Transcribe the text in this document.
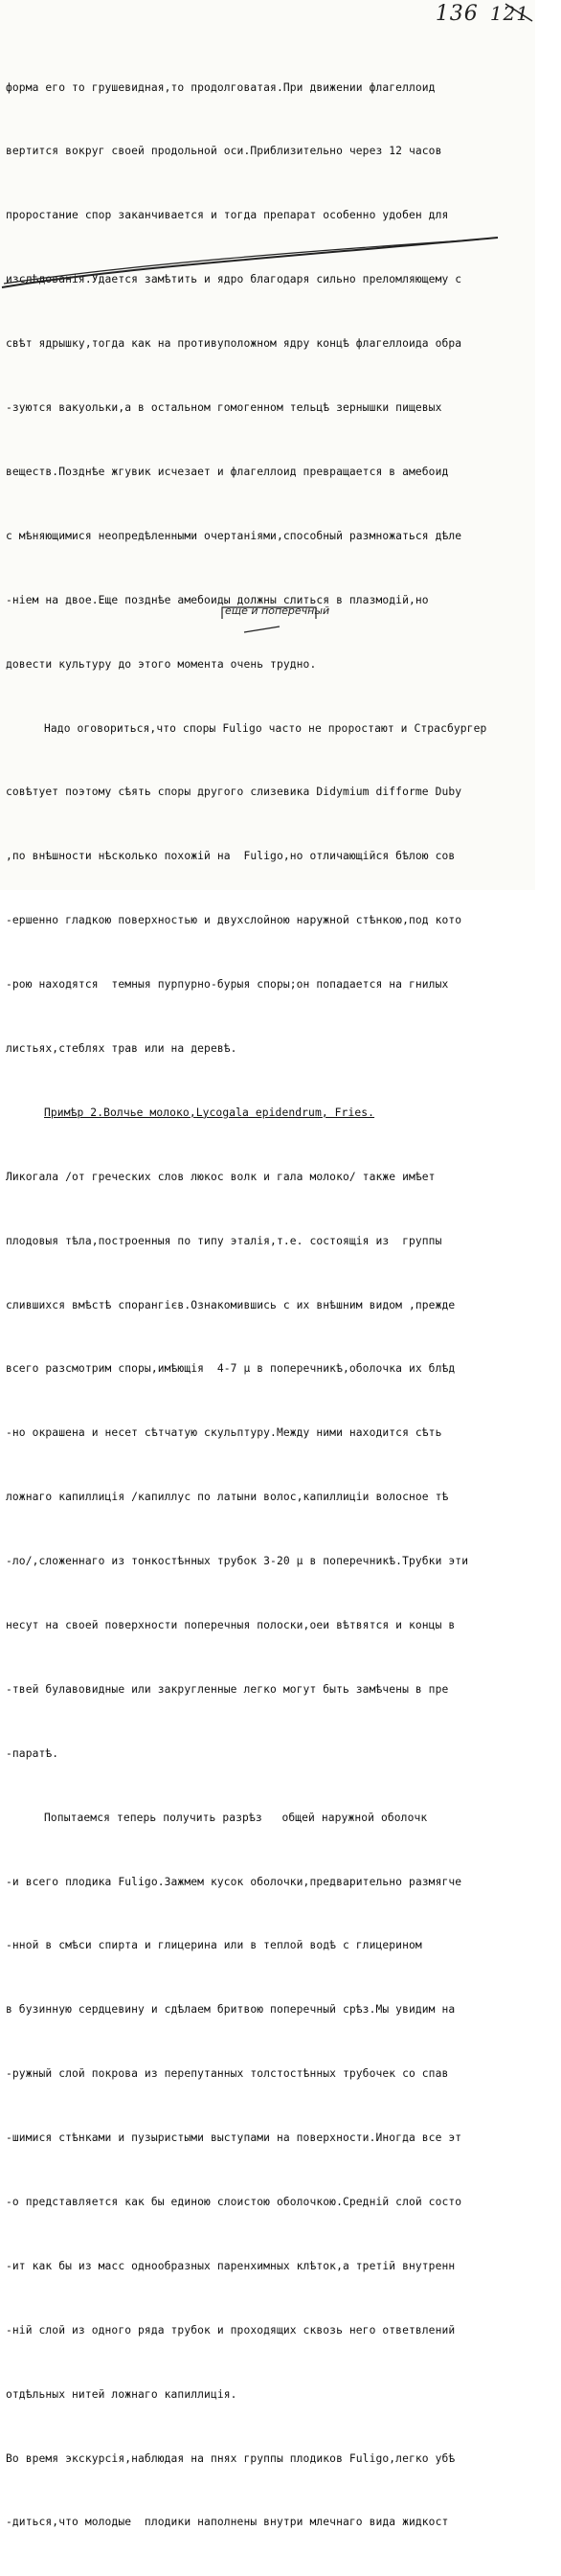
136 121

форма его то грушевидная,то продолговатая.При движении флагеллоид

вертится вокруг своей продольной оси.Приблизительно через 12 часов

проростание спор заканчивается и тогда препарат особенно удобен для

изслѣдованія.Удается замѣтить и ядро благодаря сильно преломляющему с

свѣт ядрышку,тогда как на противуположном ядру концѣ флагеллоида обра

-зуются вакуольки,а в остальном гомогенном тельцѣ зернышки пищевых

веществ.Позднѣе жгувик исчезает и флагеллоид превращается в амебоид

с мѣняющимися неопредѣленными очертаніями,способный размножаться дѣле

-ніем на двое.Еще позднѣе амебоиды должны слиться в плазмодій,но

довести культуру до этого момента очень трудно.

Надо оговориться,что споры Fuligo часто не проростают и Страсбургер

совѣтует поэтому сѣять споры другого слизевика Didymium difforme Duby

,по внѣшности нѣсколько похожій на  Fuligo,но отличающійся бѣлою сов

-ершенно гладкою поверхностью и двухслойною наружной стѣнкою,под кото

-рою находятся  темныя пурпурно-бурыя споры;он попадается на гнилых

листьях,стеблях трав или на деревѣ.

Примѣр 2.Волчье молоко,Lycogala epidendrum, Fries.

Ликогала /от греческих слов люкос волк и гала молоко/ также имѣет

плодовыя тѣла,построенныя по типу эталія,т.е. состоящія из  группы

слившихся вмѣстѣ спорангієв.Ознакомившись с их внѣшним видом ,прежде

всего разсмотрим споры,имѣющія  4-7 µ в поперечникѣ,оболочка их блѣд

-но окрашена и несет сѣтчатую скульптуру.Между ними находится сѣть

ложнаго капиллиція /капиллус по латыни волос,капиллиціи волосное тѣ

-ло/,сложеннаго из тонкостѣнных трубок 3-20 µ в поперечникѣ.Трубки эти

несут на своей поверхности поперечныя полоски,оеи вѣтвятся и концы в

-твей булавовидные или закругленные легко могут быть замѣчены в пре

-паратѣ.

Попытаемся теперь получить разрѣз   общей наружной оболочк

-и всего плодика Fuligo.Зажмем кусок оболочки,предварительно размягче

-нной в смѣси спирта и глицерина или в теплой водѣ с глицерином

в бузинную сердцевину и сдѣлаем бритвою поперечный срѣз.Мы увидим на

-ружный слой покрова из перепутанных толстостѣнных трубочек со спав

-шимися стѣнками и пузыристыми выступами на поверхности.Иногда все эт

-о представляется как бы единою слоистою оболочкою.Средній слой состо

-ит как бы из масс однообразных паренхимных клѣток,а третій внутренн

-ній слой из одного ряда трубок и проходящих сквозь него ответвлений

отдѣльных нитей ложнаго капиллиція.

Во время экскурсія,наблюдая на пнях группы плодиков Fuligo,легко убѣ

-диться,что молодые  плодики наполнены внутри млечнаго вида жидкост

еще и поперечный
